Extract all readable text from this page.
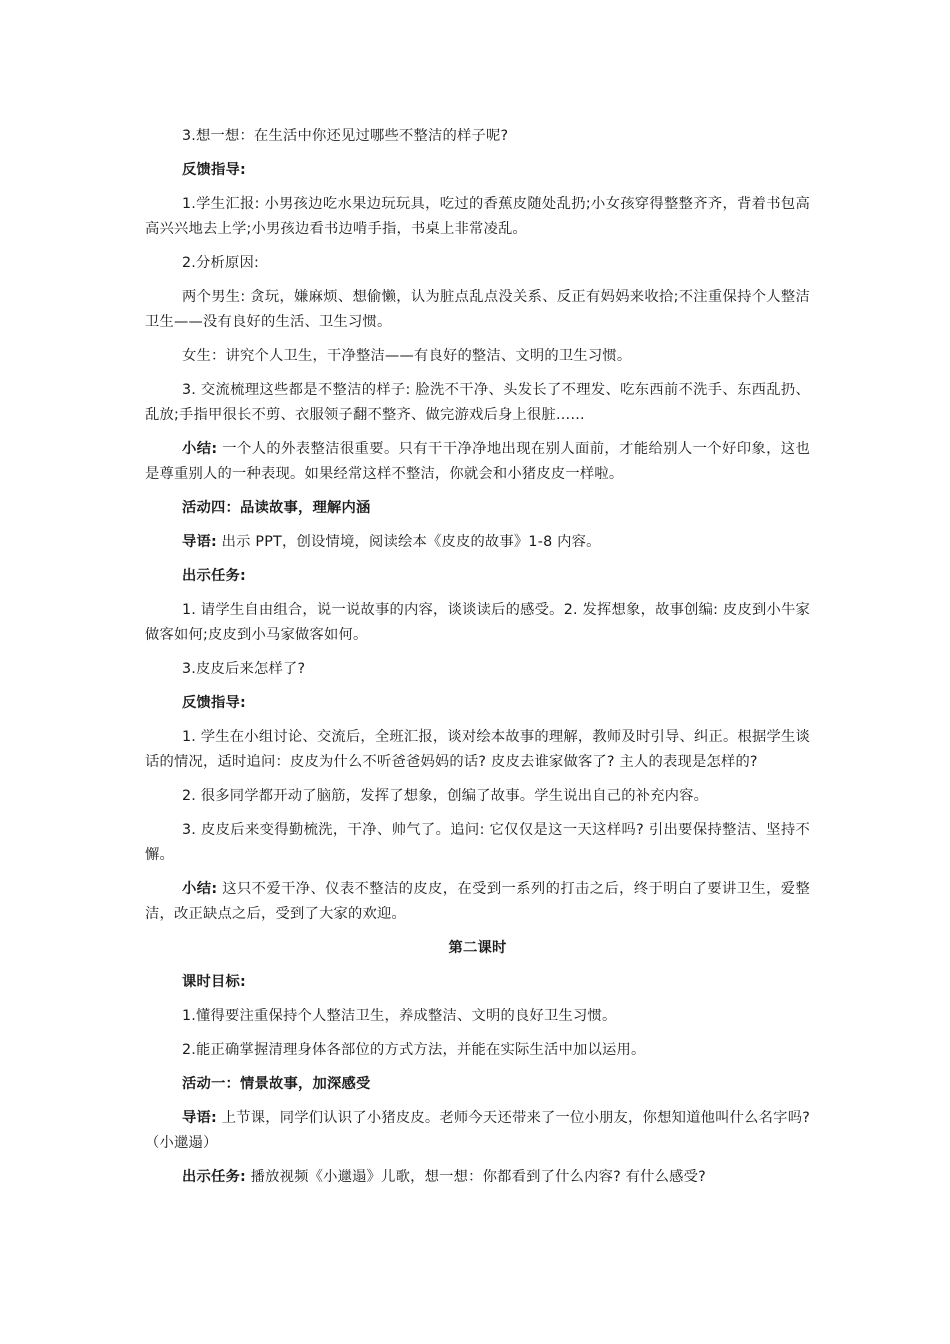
3.想一想：在生活中你还见过哪些不整洁的样子呢?

反馈指导:

1.学生汇报: 小男孩边吃水果边玩玩具，吃过的香蕉皮随处乱扔;小女孩穿得整整齐齐，背着书包高高兴兴地去上学;小男孩边看书边啃手指，书桌上非常凌乱。

2.分析原因:

两个男生: 贪玩，嫌麻烦、想偷懒，认为脏点乱点没关系、反正有妈妈来收拾;不注重保持个人整洁卫生——没有良好的生活、卫生习惯。

女生：讲究个人卫生，干净整洁——有良好的整洁、文明的卫生习惯。

3. 交流梳理这些都是不整洁的样子: 脸洗不干净、头发长了不理发、吃东西前不洗手、东西乱扔、乱放;手指甲很长不剪、衣服领子翻不整齐、做完游戏后身上很脏……

小结: 一个人的外表整洁很重要。只有干干净净地出现在别人面前，才能给别人一个好印象，这也是尊重别人的一种表现。如果经常这样不整洁，你就会和小猪皮皮一样啦。

活动四：品读故事，理解内涵

导语: 出示 PPT，创设情境，阅读绘本《皮皮的故事》1-8 内容。

出示任务:

1. 请学生自由组合，说一说故事的内容，谈谈读后的感受。2. 发挥想象，故事创编: 皮皮到小牛家做客如何;皮皮到小马家做客如何。

3.皮皮后来怎样了?

反馈指导:

1. 学生在小组讨论、交流后，全班汇报，谈对绘本故事的理解，教师及时引导、纠正。根据学生谈话的情况，适时追问：皮皮为什么不听爸爸妈妈的话? 皮皮去谁家做客了? 主人的表现是怎样的?

2. 很多同学都开动了脑筋，发挥了想象，创编了故事。学生说出自己的补充内容。

3. 皮皮后来变得勤梳洗，干净、帅气了。追问: 它仅仅是这一天这样吗? 引出要保持整洁、坚持不懈。

小结: 这只不爱干净、仪表不整洁的皮皮，在受到一系列的打击之后，终于明白了要讲卫生，爱整洁，改正缺点之后，受到了大家的欢迎。

第二课时

课时目标:

1.懂得要注重保持个人整洁卫生，养成整洁、文明的良好卫生习惯。

2.能正确掌握清理身体各部位的方式方法，并能在实际生活中加以运用。

活动一：情景故事，加深感受

导语: 上节课，同学们认识了小猪皮皮。老师今天还带来了一位小朋友，你想知道他叫什么名字吗? （小邋遢）

出示任务: 播放视频《小邋遢》儿歌，想一想：你都看到了什么内容? 有什么感受?
